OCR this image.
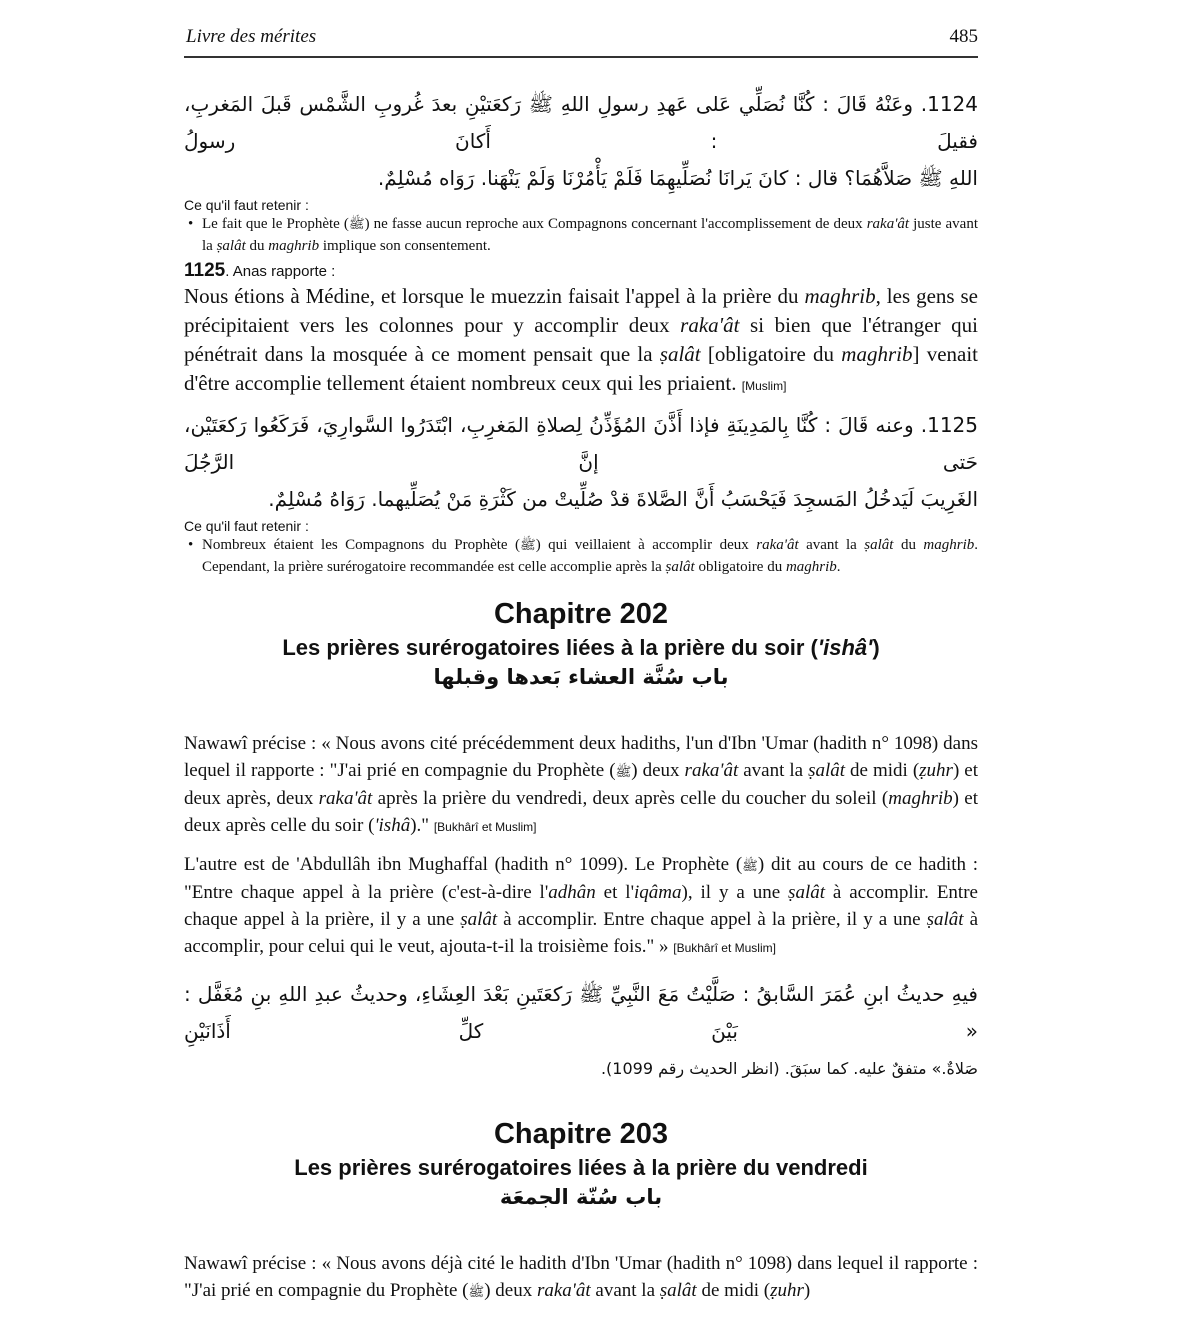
Livre des mérites	485
1124. وعَنْهُ قَالَ : كُنَّا نُصَلِّي عَلى عَهدِ رسولِ اللهِ ﷺ رَكعَتيْنِ بعدَ غُروبِ الشَّمْس قَبلَ المَغربِ، فقيلَ : أَكانَ رسولُ
اللهِ ﷺ صَلاَّهُمَا؟ قال : كانَ يَرانَا نُصَلِّيهِمَا فَلَمْ يَأْمُرْنَا وَلَمْ يَنْهَنا. رَوَاه مُسْلِمٌ.

Ce qu'il faut retenir :

• Le fait que le Prophète (ﷺ) ne fasse aucun reproche aux Compagnons concernant l'accomplissement de deux raka'ât juste avant la ṣalât du maghrib implique son consentement.

1125. Anas rapporte :

Nous étions à Médine, et lorsque le muezzin faisait l'appel à la prière du maghrib, les gens se précipitaient vers les colonnes pour y accomplir deux raka'ât si bien que l'étranger qui pénétrait dans la mosquée à ce moment pensait que la ṣalât [obligatoire du maghrib] venait d'être accomplie tellement étaient nombreux ceux qui les priaient. [Muslim]

1125. وعنه قَالَ : كُنَّا بِالمَدِينَةِ فإذا أَذَّنَ المُؤَذِّنُ لِصلاةِ المَغرِبِ، ابْتَدَرُوا السَّوارِيَ، فَرَكَعُوا رَكعَتَيْن، حَتى إنَّ الرَّجُلَ
الغَرِيبَ لَيَدخُلُ المَسجِدَ فَيَحْسَبُ أَنَّ الصَّلاةَ قدْ صُلِّيتْ من كَثْرَةِ مَنْ يُصَلِّيهما. رَوَاهُ مُسْلِمٌ.

Ce qu'il faut retenir :

• Nombreux étaient les Compagnons du Prophète (ﷺ) qui veillaient à accomplir deux raka'ât avant la ṣalât du maghrib. Cependant, la prière surérogatoire recommandée est celle accomplie après la ṣalât obligatoire du maghrib.

Chapitre 202
Les prières surérogatoires liées à la prière du soir ('ishâ')
باب سُنَّة العشاء بَعدها وقبلها

Nawawî précise : « Nous avons cité précédemment deux hadiths, l'un d'Ibn 'Umar (hadith n° 1098) dans lequel il rapporte : "J'ai prié en compagnie du Prophète (ﷺ) deux raka'ât avant la ṣalât de midi (ẓuhr) et deux après, deux raka'ât après la prière du vendredi, deux après celle du coucher du soleil (maghrib) et deux après celle du soir ('ishâ)." [Bukhârî et Muslim]

L'autre est de 'Abdullâh ibn Mughaffal (hadith n° 1099). Le Prophète (ﷺ) dit au cours de ce hadith : "Entre chaque appel à la prière (c'est-à-dire l'adhân et l'iqâma), il y a une ṣalât à accomplir. Entre chaque appel à la prière, il y a une ṣalât à accomplir. Entre chaque appel à la prière, il y a une ṣalât à accomplir, pour celui qui le veut, ajouta-t-il la troisième fois." » [Bukhârî et Muslim]

فيهِ حديثُ ابنِ عُمَرَ السَّابقُ : صَلَّيْتُ مَعَ النَّبِيِّ ﷺ رَكعَتَينِ بَعْدَ العِشَاءِ، وحديثُ عبدِ اللهِ بنِ مُغَفَّل : « بَيْنَ كلِّ أَذَانَيْنِ
صَلاةٌ.» متفقٌ عليه. كما سبَقَ. (انظر الحديث رقم 1099).
Chapitre 203
Les prières surérogatoires liées à la prière du vendredi
باب سُنّة الجمعَة

Nawawî précise : « Nous avons déjà cité le hadith d'Ibn 'Umar (hadith n° 1098) dans lequel il rapporte : "J'ai prié en compagnie du Prophète (ﷺ) deux raka'ât avant la ṣalât de midi (ẓuhr)
